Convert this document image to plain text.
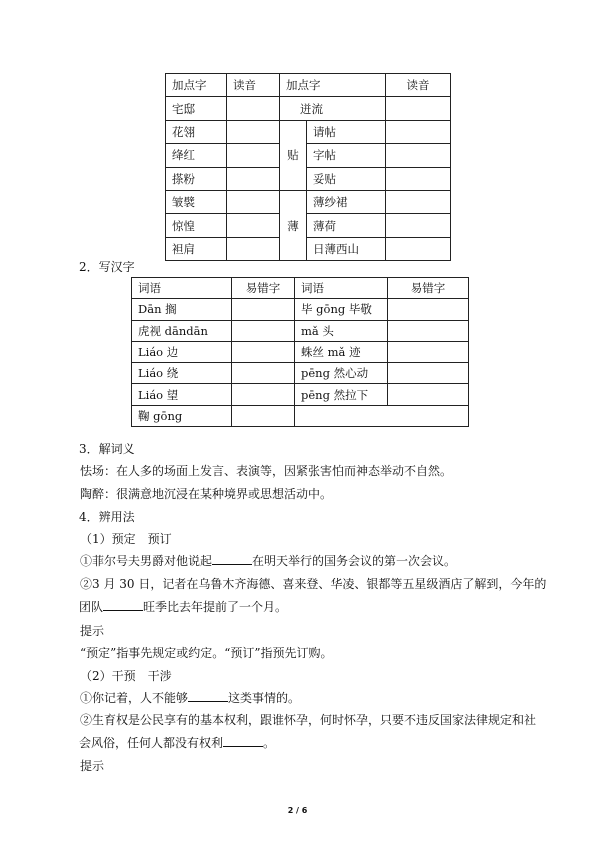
加点字	读音	加点字		读音
宅邸		迸流		
花翎		贴	请帖	
绛红			字帖	
搽粉			妥贴	
皱襞		薄	薄纱裙	
惊惶			薄荷	
袒肩			日薄西山	
2．写汉字
词语	易错字	词语	易错字
Dān 搁		毕 gōng 毕敬	
虎视 dāndān		mǎ 头	
Liáo 边		蛛丝 mǎ 迹	
Liáo 绕		pēng 然心动	
Liáo 望		pēng 然拉下	
鞠 gōng			
3．解词义
怯场：在人多的场面上发言、表演等，因紧张害怕而神态举动不自然。
陶醉：很满意地沉浸在某种境界或思想活动中。
4．辨用法
（1）预定　预订
①菲尔号夫男爵对他说起	在明天举行的国务会议的第一次会议。
②3 月 30 日，记者在乌鲁木齐海德、喜来登、华凌、银都等五星级酒店了解到，今年的
团队	旺季比去年提前了一个月。
提示
“预定”指事先规定或约定。“预订”指预先订购。
（2）干预　干涉
①你记着，人不能够	这类事情的。
②生育权是公民享有的基本权利，跟谁怀孕，何时怀孕，只要不违反国家法律规定和社
会风俗，任何人都没有权利	。
提示
2 / 6
